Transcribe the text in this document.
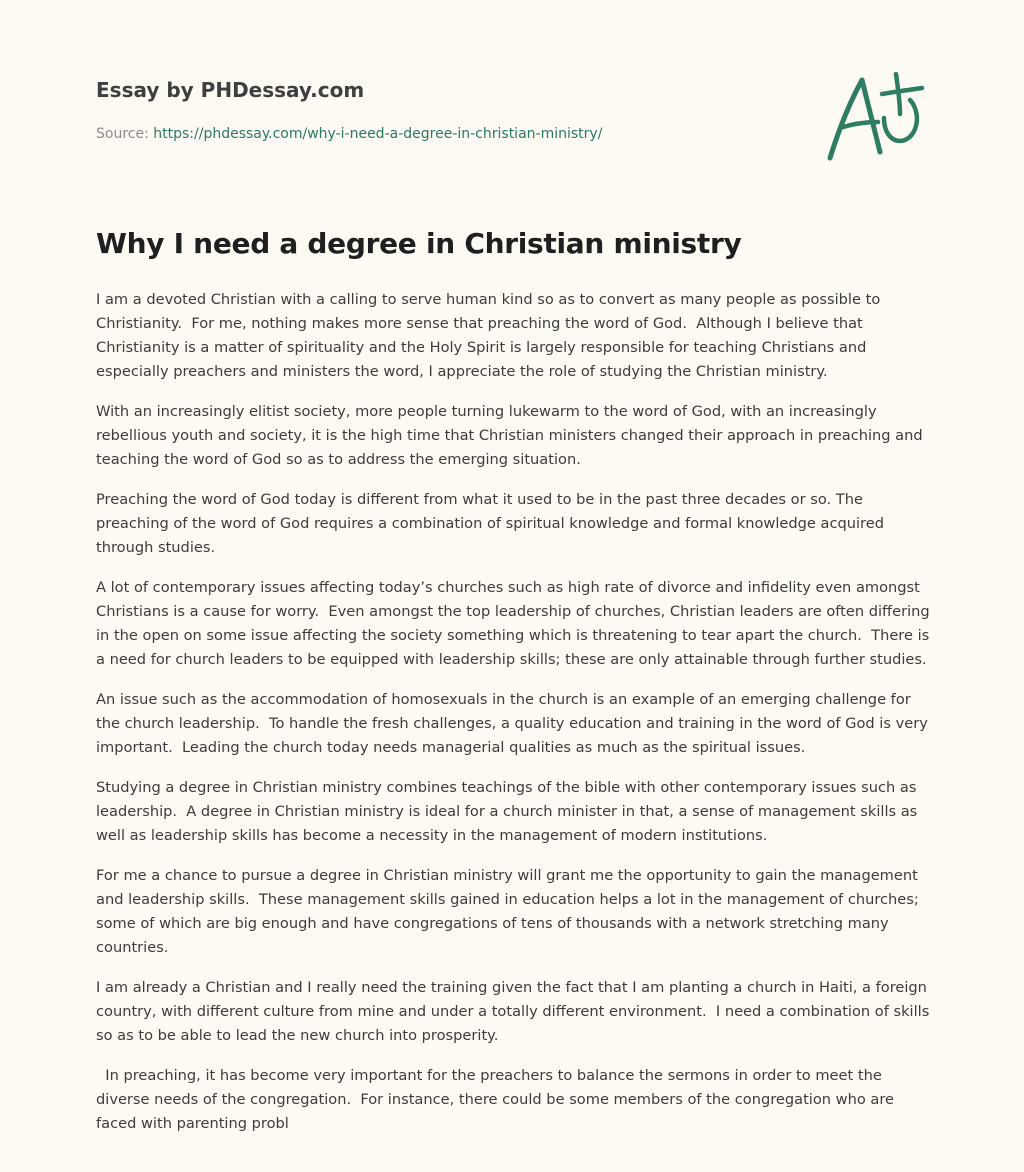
Essay by PHDessay.com
Source: https://phdessay.com/why-i-need-a-degree-in-christian-ministry/
Why I need a degree in Christian ministry

I am a devoted Christian with a calling to serve human kind so as to convert as many people as possible to Christianity.  For me, nothing makes more sense that preaching the word of God.  Although I believe that Christianity is a matter of spirituality and the Holy Spirit is largely responsible for teaching Christians and especially preachers and ministers the word, I appreciate the role of studying the Christian ministry.

With an increasingly elitist society, more people turning lukewarm to the word of God, with an increasingly rebellious youth and society, it is the high time that Christian ministers changed their approach in preaching and teaching the word of God so as to address the emerging situation.

Preaching the word of God today is different from what it used to be in the past three decades or so. The preaching of the word of God requires a combination of spiritual knowledge and formal knowledge acquired through studies.

A lot of contemporary issues affecting today’s churches such as high rate of divorce and infidelity even amongst Christians is a cause for worry.  Even amongst the top leadership of churches, Christian leaders are often differing in the open on some issue affecting the society something which is threatening to tear apart the church.  There is a need for church leaders to be equipped with leadership skills; these are only attainable through further studies.

An issue such as the accommodation of homosexuals in the church is an example of an emerging challenge for the church leadership.  To handle the fresh challenges, a quality education and training in the word of God is very important.  Leading the church today needs managerial qualities as much as the spiritual issues.

Studying a degree in Christian ministry combines teachings of the bible with other contemporary issues such as leadership.  A degree in Christian ministry is ideal for a church minister in that, a sense of management skills as well as leadership skills has become a necessity in the management of modern institutions.

For me a chance to pursue a degree in Christian ministry will grant me the opportunity to gain the management and leadership skills.  These management skills gained in education helps a lot in the management of churches; some of which are big enough and have congregations of tens of thousands with a network stretching many countries.

I am already a Christian and I really need the training given the fact that I am planting a church in Haiti, a foreign country, with different culture from mine and under a totally different environment.  I need a combination of skills so as to be able to lead the new church into prosperity.

In preaching, it has become very important for the preachers to balance the sermons in order to meet the diverse needs of the congregation.  For instance, there could be some members of the congregation who are faced with parenting probl
